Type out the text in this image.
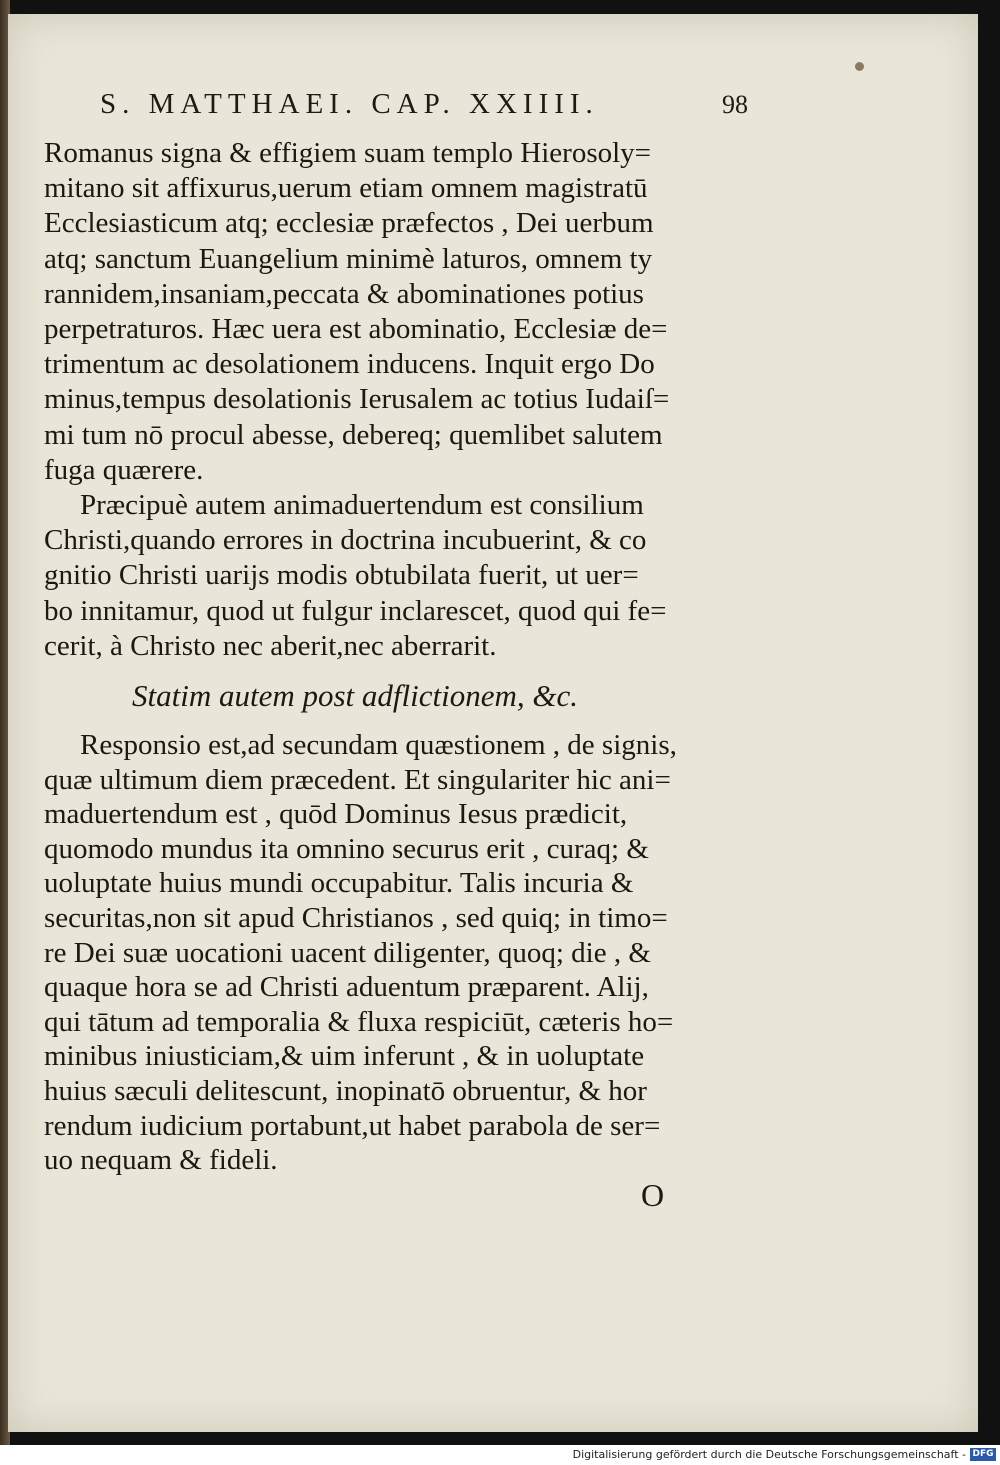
S. MATTHAEI. CAP. XXIIII.	98
Romanus signa & effigiem suam templo Hierosoly=
mitano sit affixurus,uerum etiam omnem magistratū
Ecclesiasticum atq; ecclesiæ præfectos , Dei uerbum
atq; sanctum Euangelium minimè laturos, omnem ty
rannidem,insaniam,peccata & abominationes potius
perpetraturos. Hæc uera est abominatio, Ecclesiæ de=
trimentum ac desolationem inducens. Inquit ergo Do
minus,tempus desolationis Ierusalem ac totius Iudaiſ=
mi tum nō procul abesse, debereq; quemlibet salutem
fuga quærere.
Præcipuè autem animaduertendum est consilium
Christi,quando errores in doctrina incubuerint, & co
gnitio Christi uarijs modis obtubilata fuerit, ut uer=
bo innitamur, quod ut fulgur inclarescet, quod qui fe=
cerit, à Christo nec aberit,nec aberrarit.
Statim autem post adflictionem, &c.
Responsio est,ad secundam quæstionem , de signis,
quæ ultimum diem præcedent. Et singulariter hic ani=
maduertendum est , quōd Dominus Iesus prædicit,
quomodo mundus ita omnino securus erit , curaq; &
uoluptate huius mundi occupabitur. Talis incuria &
securitas,non sit apud Christianos , sed quiq; in timo=
re Dei suæ uocationi uacent diligenter, quoq; die , &
quaque hora se ad Christi aduentum præparent. Alij,
qui tātum ad temporalia & fluxa respiciūt, cæteris ho=
minibus iniusticiam,& uim inferunt , & in uoluptate
huius sæculi delitescunt, inopinatō obruentur, & hor
rendum iudicium portabunt,ut habet parabola de ser=
uo nequam & fideli.
O
Digitalisierung gefördert durch die Deutsche Forschungsgemeinschaft - DFG
